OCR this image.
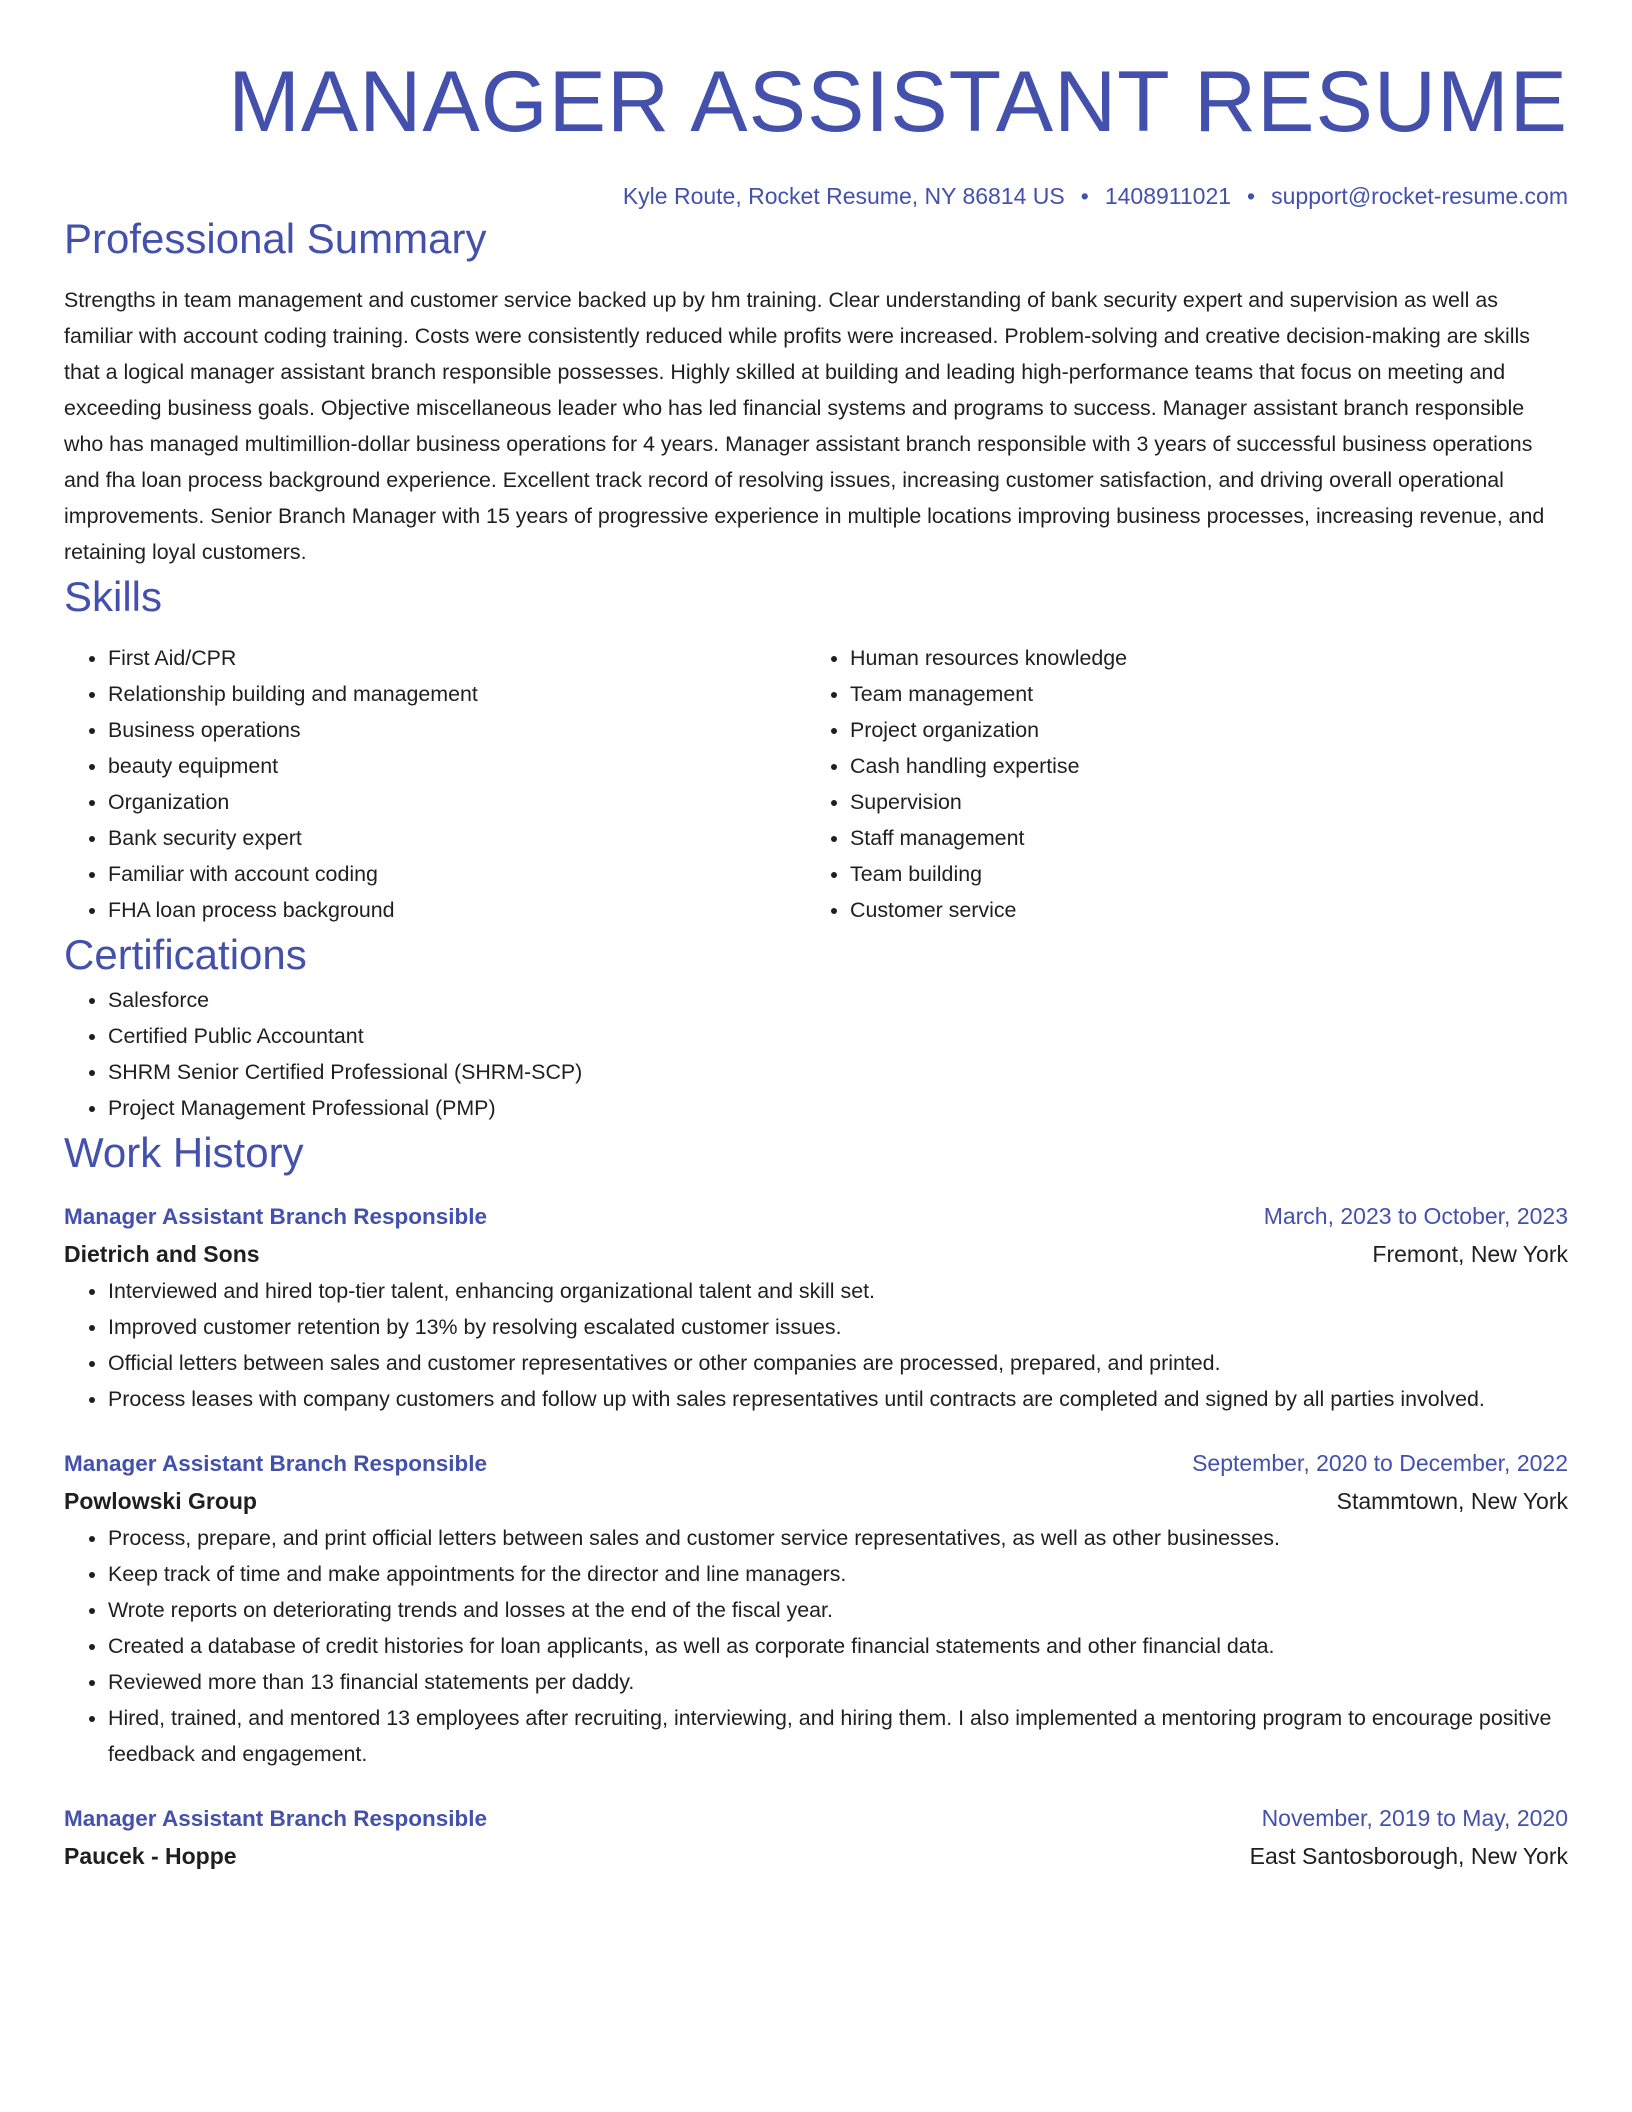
MANAGER ASSISTANT RESUME
Kyle Route, Rocket Resume, NY 86814 US • 1408911021 • support@rocket-resume.com
Professional Summary

Strengths in team management and customer service backed up by hm training. Clear understanding of bank security expert and supervision as well as familiar with account coding training. Costs were consistently reduced while profits were increased. Problem-solving and creative decision-making are skills that a logical manager assistant branch responsible possesses. Highly skilled at building and leading high-performance teams that focus on meeting and exceeding business goals. Objective miscellaneous leader who has led financial systems and programs to success. Manager assistant branch responsible who has managed multimillion-dollar business operations for 4 years. Manager assistant branch responsible with 3 years of successful business operations and fha loan process background experience. Excellent track record of resolving issues, increasing customer satisfaction, and driving overall operational improvements. Senior Branch Manager with 15 years of progressive experience in multiple locations improving business processes, increasing revenue, and retaining loyal customers.

Skills
• First Aid/CPR
• Relationship building and management
• Business operations
• beauty equipment
• Organization
• Bank security expert
• Familiar with account coding
• FHA loan process background
• Human resources knowledge
• Team management
• Project organization
• Cash handling expertise
• Supervision
• Staff management
• Team building
• Customer service
Certifications
• Salesforce
• Certified Public Accountant
• SHRM Senior Certified Professional (SHRM-SCP)
• Project Management Professional (PMP)
Work History
Manager Assistant Branch Responsible	March, 2023 to October, 2023
Dietrich and Sons	Fremont, New York
• Interviewed and hired top-tier talent, enhancing organizational talent and skill set.
• Improved customer retention by 13% by resolving escalated customer issues.
• Official letters between sales and customer representatives or other companies are processed, prepared, and printed.
• Process leases with company customers and follow up with sales representatives until contracts are completed and signed by all parties involved.
Manager Assistant Branch Responsible	September, 2020 to December, 2022
Powlowski Group	Stammtown, New York
• Process, prepare, and print official letters between sales and customer service representatives, as well as other businesses.
• Keep track of time and make appointments for the director and line managers.
• Wrote reports on deteriorating trends and losses at the end of the fiscal year.
• Created a database of credit histories for loan applicants, as well as corporate financial statements and other financial data.
• Reviewed more than 13 financial statements per daddy.
• Hired, trained, and mentored 13 employees after recruiting, interviewing, and hiring them. I also implemented a mentoring program to encourage positive feedback and engagement.
Manager Assistant Branch Responsible	November, 2019 to May, 2020
Paucek - Hoppe	East Santosborough, New York
